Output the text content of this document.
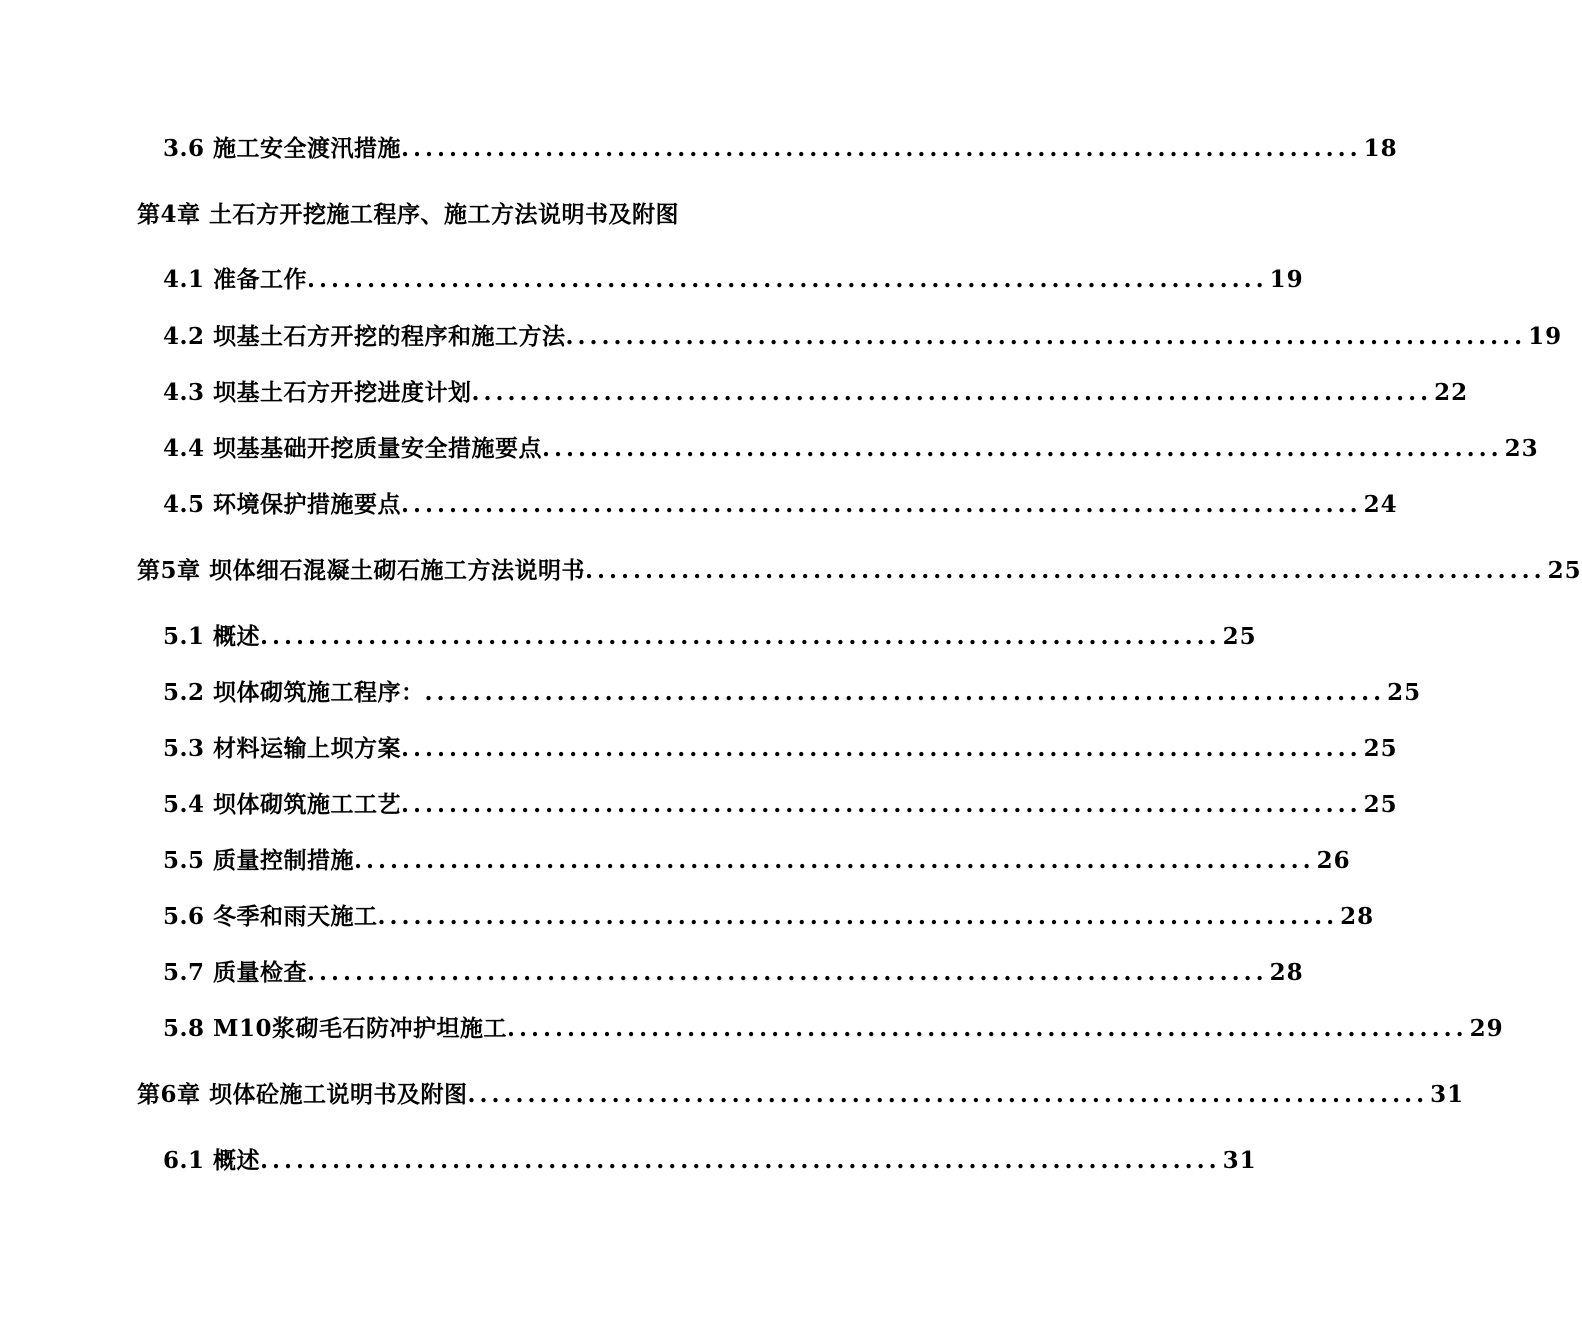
3.6 施工安全渡汛措施 ................................................................................ 18
第4章 土石方开挖施工程序、施工方法说明书及附图
4.1 准备工作 ................................................................................ 19
4.2 坝基土石方开挖的程序和施工方法 ................................................................................ 19
4.3 坝基土石方开挖进度计划 ................................................................................ 22
4.4 坝基基础开挖质量安全措施要点 ................................................................................ 23
4.5 环境保护措施要点 ................................................................................ 24
第5章 坝体细石混凝土砌石施工方法说明书 ................................................................................ 25
5.1 概述 ................................................................................ 25
5.2 坝体砌筑施工程序： ................................................................................ 25
5.3 材料运输上坝方案 ................................................................................ 25
5.4 坝体砌筑施工工艺 ................................................................................ 25
5.5 质量控制措施 ................................................................................ 26
5.6 冬季和雨天施工 ................................................................................ 28
5.7 质量检查 ................................................................................ 28
5.8 M10浆砌毛石防冲护坦施工 ................................................................................ 29
第6章 坝体砼施工说明书及附图 ................................................................................ 31
6.1 概述 ................................................................................ 31
